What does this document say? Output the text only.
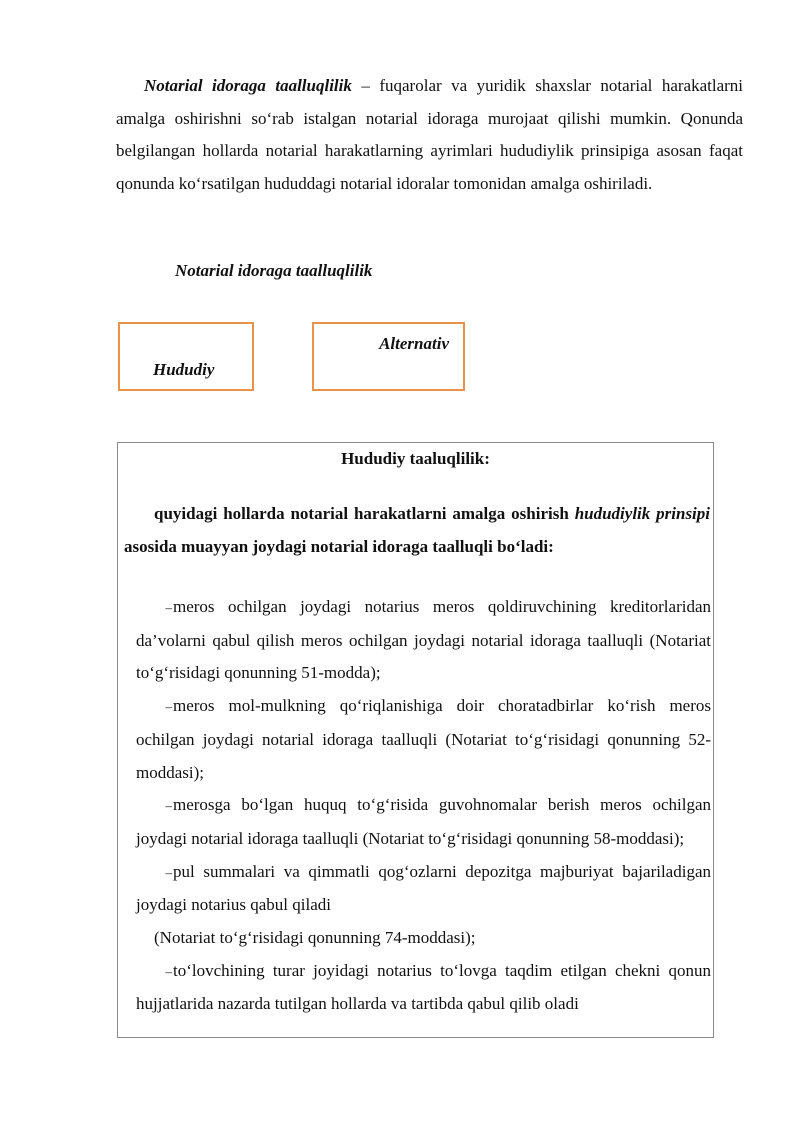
Notarial idoraga taalluqlilik – fuqarolar va yuridik shaxslar notarial harakatlarni amalga oshirishni so‘rab istalgan notarial idoraga murojaat qilishi mumkin. Qonunda belgilangan hollarda notarial harakatlarning ayrimlari hududiylik prinsipiga asosan faqat qonunda ko‘rsatilgan hududdagi notarial idoralar tomonidan amalga oshiriladi.

Notarial idoraga taalluqlilik
Hududiy
Alternativ
Hududiy taaluqlilik:

quyidagi hollarda notarial harakatlarni amalga oshirish hududiylik prinsipi asosida muayyan joydagi notarial idoraga taalluqli bo‘ladi:

–meros ochilgan joydagi notarius meros qoldiruvchining kreditorlaridan da’volarni qabul qilish meros ochilgan joydagi notarial idoraga taalluqli (Notariat to‘g‘risidagi qonunning 51-modda);
–meros mol-mulkning qo‘riqlanishiga doir choratadbirlar ko‘rish meros ochilgan joydagi notarial idoraga taalluqli (Notariat to‘g‘risidagi qonunning 52-moddasi);
–merosga bo‘lgan huquq to‘g‘risida guvohnomalar berish meros ochilgan joydagi notarial idoraga taalluqli (Notariat to‘g‘risidagi qonunning 58-moddasi);
–pul summalari va qimmatli qog‘ozlarni depozitga majburiyat bajariladigan joydagi notarius qabul qiladi
(Notariat to‘g‘risidagi qonunning 74-moddasi);
–to‘lovchining turar joyidagi notarius to‘lovga taqdim etilgan chekni qonun hujjatlarida nazarda tutilgan hollarda va tartibda qabul qilib oladi
